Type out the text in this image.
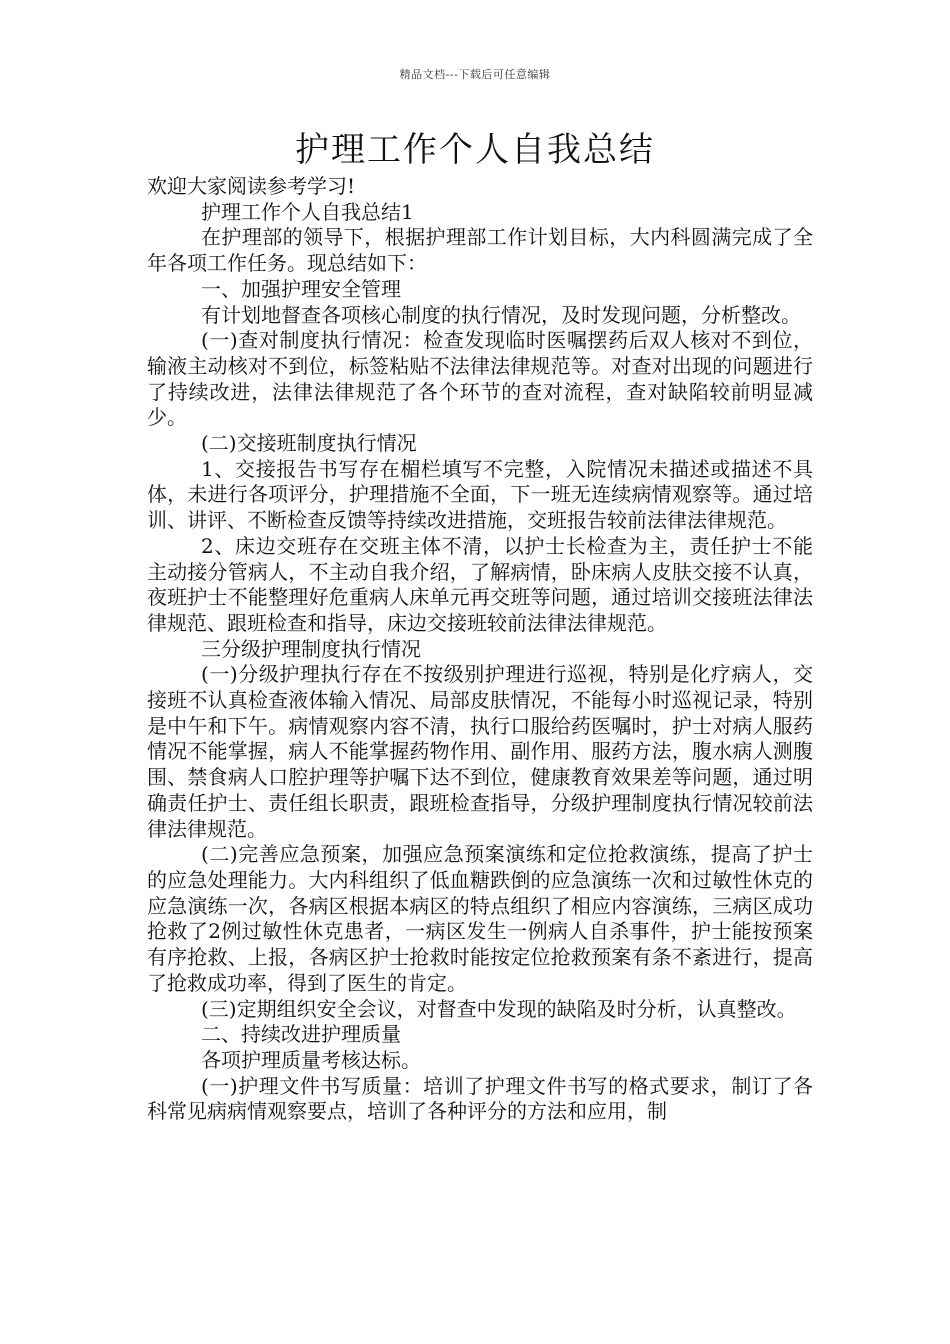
精品文档---下载后可任意编辑
护理工作个人自我总结

欢迎大家阅读参考学习!

护理工作个人自我总结1

在护理部的领导下，根据护理部工作计划目标，大内科圆满完成了全年各项工作任务。现总结如下：

一、加强护理安全管理

有计划地督查各项核心制度的执行情况，及时发现问题，分析整改。

(一)查对制度执行情况：检查发现临时医嘱摆药后双人核对不到位，输液主动核对不到位，标签粘贴不法律法律规范等。对查对出现的问题进行了持续改进，法律法律规范了各个环节的查对流程，查对缺陷较前明显减少。

(二)交接班制度执行情况

1、交接报告书写存在楣栏填写不完整，入院情况未描述或描述不具体，未进行各项评分，护理措施不全面，下一班无连续病情观察等。通过培训、讲评、不断检查反馈等持续改进措施，交班报告较前法律法律规范。

2、床边交班存在交班主体不清，以护士长检查为主，责任护士不能主动接分管病人，不主动自我介绍，了解病情，卧床病人皮肤交接不认真，夜班护士不能整理好危重病人床单元再交班等问题，通过培训交接班法律法律规范、跟班检查和指导，床边交接班较前法律法律规范。

三分级护理制度执行情况

(一)分级护理执行存在不按级别护理进行巡视，特别是化疗病人，交接班不认真检查液体输入情况、局部皮肤情况，不能每小时巡视记录，特别是中午和下午。病情观察内容不清，执行口服给药医嘱时，护士对病人服药情况不能掌握，病人不能掌握药物作用、副作用、服药方法，腹水病人测腹围、禁食病人口腔护理等护嘱下达不到位，健康教育效果差等问题，通过明确责任护士、责任组长职责，跟班检查指导，分级护理制度执行情况较前法律法律规范。

(二)完善应急预案，加强应急预案演练和定位抢救演练，提高了护士的应急处理能力。大内科组织了低血糖跌倒的应急演练一次和过敏性休克的应急演练一次，各病区根据本病区的特点组织了相应内容演练，三病区成功抢救了2例过敏性休克患者，一病区发生一例病人自杀事件，护士能按预案有序抢救、上报，各病区护士抢救时能按定位抢救预案有条不紊进行，提高了抢救成功率，得到了医生的肯定。

(三)定期组织安全会议，对督查中发现的缺陷及时分析，认真整改。

二、持续改进护理质量

各项护理质量考核达标。

(一)护理文件书写质量：培训了护理文件书写的格式要求，制订了各科常见病病情观察要点，培训了各种评分的方法和应用，制
